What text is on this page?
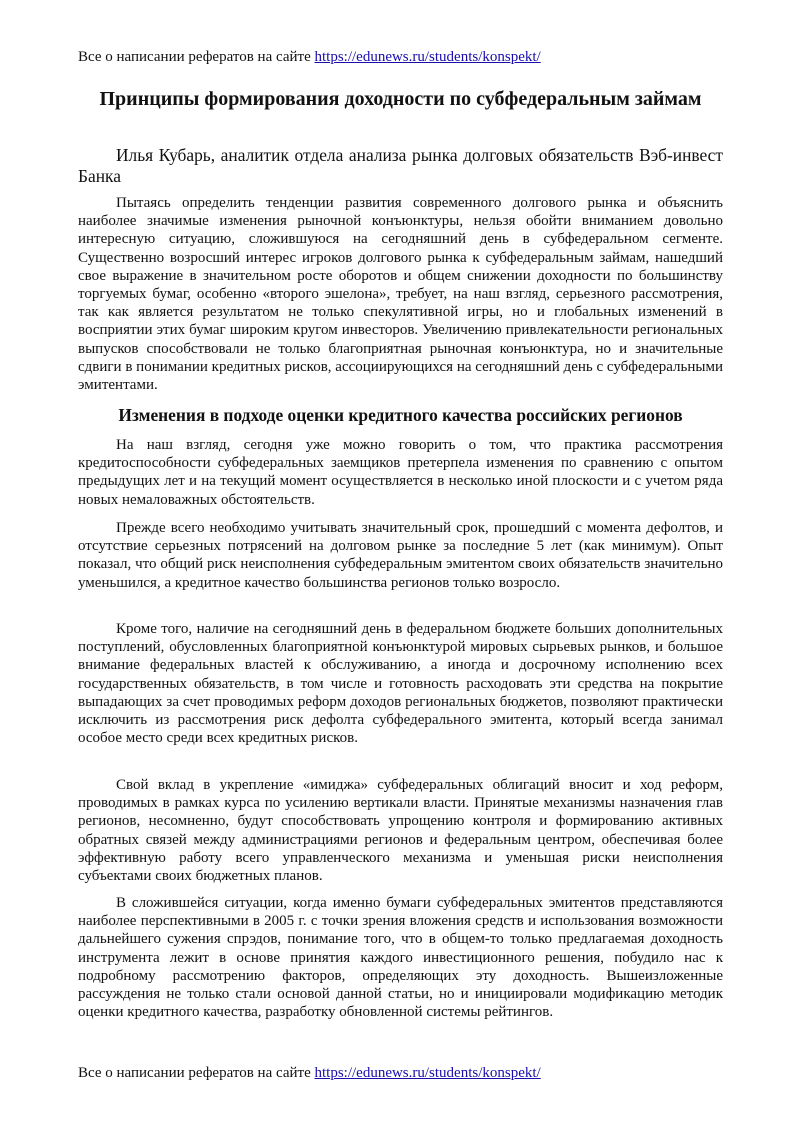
Все о написании рефератов на сайте https://edunews.ru/students/konspekt/
Принципы формирования доходности по субфедеральным займам
Илья Кубарь, аналитик отдела анализа рынка долговых обязательств Вэб-инвест Банка
Пытаясь определить тенденции развития современного долгового рынка и объяснить наиболее значимые изменения рыночной конъюнктуры, нельзя обойти вниманием довольно интересную ситуацию, сложившуюся на сегодняшний день в субфедеральном сегменте. Существенно возросший интерес игроков долгового рынка к субфедеральным займам, нашедший свое выражение в значительном росте оборотов и общем снижении доходности по большинству торгуемых бумаг, особенно «второго эшелона», требует, на наш взгляд, серьезного рассмотрения, так как является результатом не только спекулятивной игры, но и глобальных изменений в восприятии этих бумаг широким кругом инвесторов. Увеличению привлекательности региональных выпусков способствовали не только благоприятная рыночная конъюнктура, но и значительные сдвиги в понимании кредитных рисков, ассоциирующихся на сегодняшний день с субфедеральными эмитентами.
Изменения в подходе оценки кредитного качества российских регионов
На наш взгляд, сегодня уже можно говорить о том, что практика рассмотрения кредитоспособности субфедеральных заемщиков претерпела изменения по сравнению с опытом предыдущих лет и на текущий момент осуществляется в несколько иной плоскости и с учетом ряда новых немаловажных обстоятельств.
Прежде всего необходимо учитывать значительный срок, прошедший с момента дефолтов, и отсутствие серьезных потрясений на долговом рынке за последние 5 лет (как минимум). Опыт показал, что общий риск неисполнения субфедеральным эмитентом своих обязательств значительно уменьшился, а кредитное качество большинства регионов только возросло.
Кроме того, наличие на сегодняшний день в федеральном бюджете больших дополнительных поступлений, обусловленных благоприятной конъюнктурой мировых сырьевых рынков, и большое внимание федеральных властей к обслуживанию, а иногда и досрочному исполнению всех государственных обязательств, в том числе и готовность расходовать эти средства на покрытие выпадающих за счет проводимых реформ доходов региональных бюджетов, позволяют практически исключить из рассмотрения риск дефолта субфедерального эмитента, который всегда занимал особое место среди всех кредитных рисков.
Свой вклад в укрепление «имиджа» субфедеральных облигаций вносит и ход реформ, проводимых в рамках курса по усилению вертикали власти. Принятые механизмы назначения глав регионов, несомненно, будут способствовать упрощению контроля и формированию активных обратных связей между администрациями регионов и федеральным центром, обеспечивая более эффективную работу всего управленческого механизма и уменьшая риски неисполнения субъектами своих бюджетных планов.
В сложившейся ситуации, когда именно бумаги субфедеральных эмитентов представляются наиболее перспективными в 2005 г. с точки зрения вложения средств и использования возможности дальнейшего сужения спрэдов, понимание того, что в общем-то только предлагаемая доходность инструмента лежит в основе принятия каждого инвестиционного решения, побудило нас к подробному рассмотрению факторов, определяющих эту доходность. Вышеизложенные рассуждения не только стали основой данной статьи, но и инициировали модификацию методик оценки кредитного качества, разработку обновленной системы рейтингов.
Все о написании рефератов на сайте https://edunews.ru/students/konspekt/
